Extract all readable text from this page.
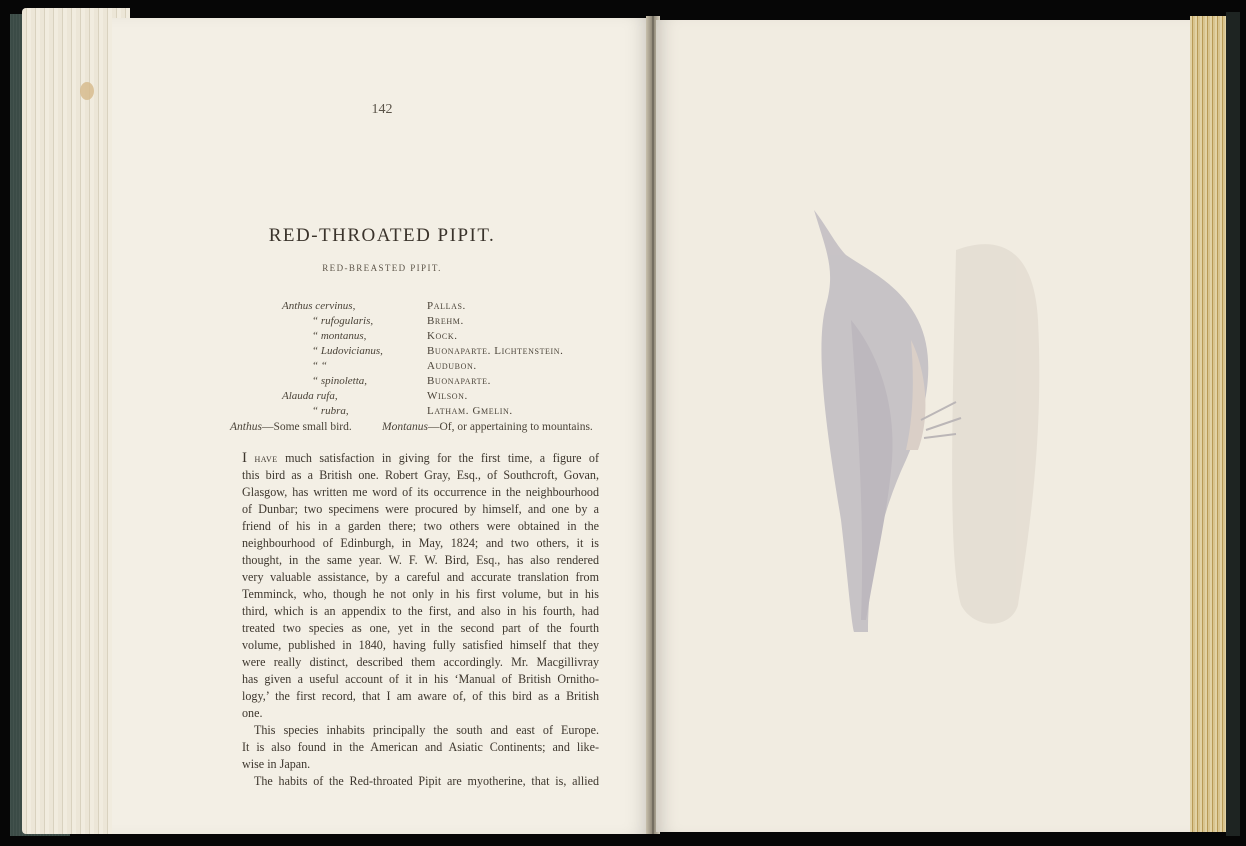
142
RED-THROATED PIPIT.
RED-BREASTED PIPIT.
Anthus cervinus,	Pallas.
“ rufogularis,	Brehm.
“ montanus,	Kock.
“ Ludovicianus,	Buonaparte. Lichtenstein.
“ “	Audubon.
“ spinoletta,	Buonaparte.
Alauda rufa,	Wilson.
“ rubra,	Latham. Gmelin.
Anthus—Some small bird.	Montanus—Of, or appertaining to mountains.
I have much satisfaction in giving for the first time, a figure of
this bird as a British one. Robert Gray, Esq., of Southcroft, Govan,
Glasgow, has written me word of its occurrence in the neighbourhood
of Dunbar; two specimens were procured by himself, and one by a
friend of his in a garden there; two others were obtained in the
neighbourhood of Edinburgh, in May, 1824; and two others, it is
thought, in the same year. W. F. W. Bird, Esq., has also rendered
very valuable assistance, by a careful and accurate translation from
Temminck, who, though he not only in his first volume, but in his
third, which is an appendix to the first, and also in his fourth, had
treated two species as one, yet in the second part of the fourth
volume, published in 1840, having fully satisfied himself that they
were really distinct, described them accordingly. Mr. Macgillivray
has given a useful account of it in his ‘Manual of British Ornitho-
logy,’ the first record, that I am aware of, of this bird as a British
one.
This species inhabits principally the south and east of Europe.
It is also found in the American and Asiatic Continents; and like-
wise in Japan.
The habits of the Red-throated Pipit are myotherine, that is, allied
